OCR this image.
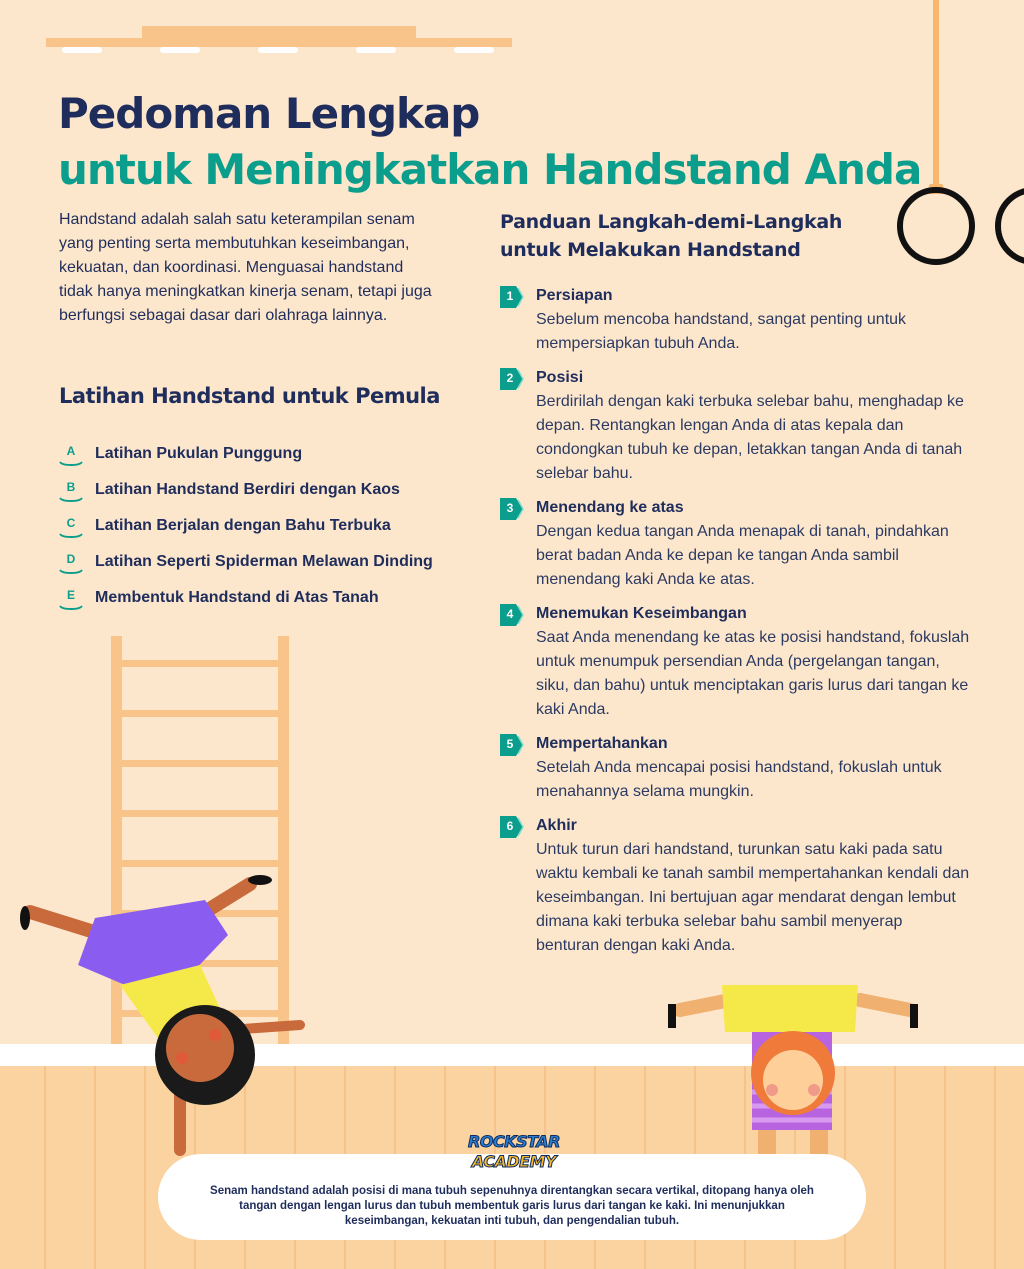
Pedoman Lengkap
untuk Meningkatkan Handstand Anda

Handstand adalah salah satu keterampilan senam yang penting serta membutuhkan keseimbangan, kekuatan, dan koordinasi. Menguasai handstand tidak hanya meningkatkan kinerja senam, tetapi juga berfungsi sebagai dasar dari olahraga lainnya.

Latihan Handstand untuk Pemula
A	Latihan Pukulan Punggung
B	Latihan Handstand Berdiri dengan Kaos
C	Latihan Berjalan dengan Bahu Terbuka
D	Latihan Seperti Spiderman Melawan Dinding
E	Membentuk Handstand di Atas Tanah
Panduan Langkah-demi-Langkah
untuk Melakukan Handstand
1	Persiapan
Sebelum mencoba handstand, sangat penting untuk mempersiapkan tubuh Anda.
2	Posisi
Berdirilah dengan kaki terbuka selebar bahu, menghadap ke depan. Rentangkan lengan Anda di atas kepala dan condongkan tubuh ke depan, letakkan tangan Anda di tanah selebar bahu.
3	Menendang ke atas
Dengan kedua tangan Anda menapak di tanah, pindahkan berat badan Anda ke depan ke tangan Anda sambil menendang kaki Anda ke atas.
4	Menemukan Keseimbangan
Saat Anda menendang ke atas ke posisi handstand, fokuslah untuk menumpuk persendian Anda (pergelangan tangan, siku, dan bahu) untuk menciptakan garis lurus dari tangan ke kaki Anda.
5	Mempertahankan
Setelah Anda mencapai posisi handstand, fokuslah untuk menahannya selama mungkin.
6	Akhir
Untuk turun dari handstand, turunkan satu kaki pada satu waktu kembali ke tanah sambil mempertahankan kendali dan keseimbangan. Ini bertujuan agar mendarat dengan lembut dimana kaki terbuka selebar bahu sambil menyerap benturan dengan kaki Anda.

Senam handstand adalah posisi di mana tubuh sepenuhnya direntangkan secara vertikal, ditopang hanya oleh tangan dengan lengan lurus dan tubuh membentuk garis lurus dari tangan ke kaki. Ini menunjukkan keseimbangan, kekuatan inti tubuh, dan pengendalian tubuh.

ROCKSTAR
ACADEMY
